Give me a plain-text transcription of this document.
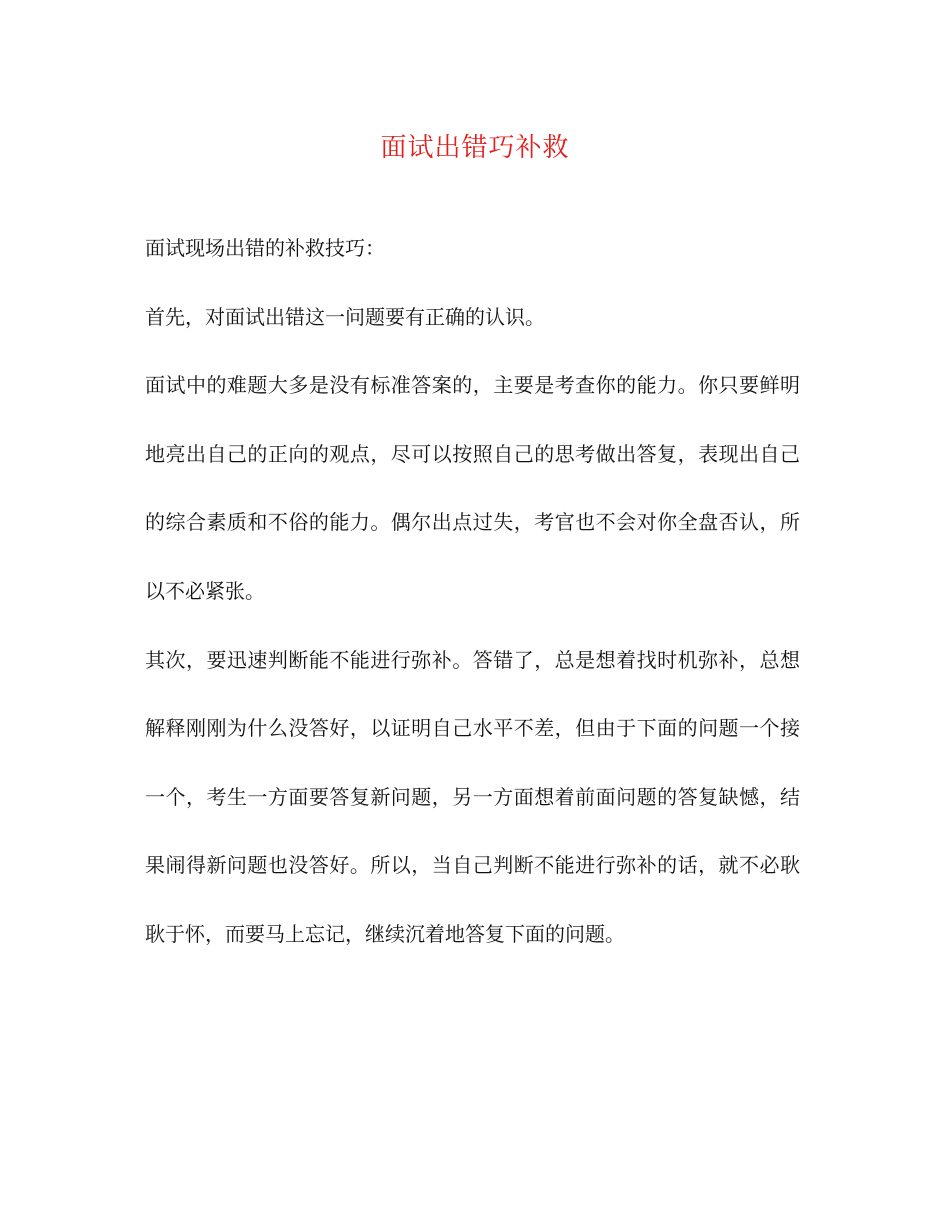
面试出错巧补救

面试现场出错的补救技巧：

首先，对面试出错这一问题要有正确的认识。

面试中的难题大多是没有标准答案的，主要是考查你的能力。你只要鲜明地亮出自己的正向的观点，尽可以按照自己的思考做出答复，表现出自己的综合素质和不俗的能力。偶尔出点过失，考官也不会对你全盘否认，所以不必紧张。

其次，要迅速判断能不能进行弥补。答错了，总是想着找时机弥补，总想解释刚刚为什么没答好，以证明自己水平不差，但由于下面的问题一个接一个，考生一方面要答复新问题，另一方面想着前面问题的答复缺憾，结果闹得新问题也没答好。所以，当自己判断不能进行弥补的话，就不必耿耿于怀，而要马上忘记，继续沉着地答复下面的问题。
